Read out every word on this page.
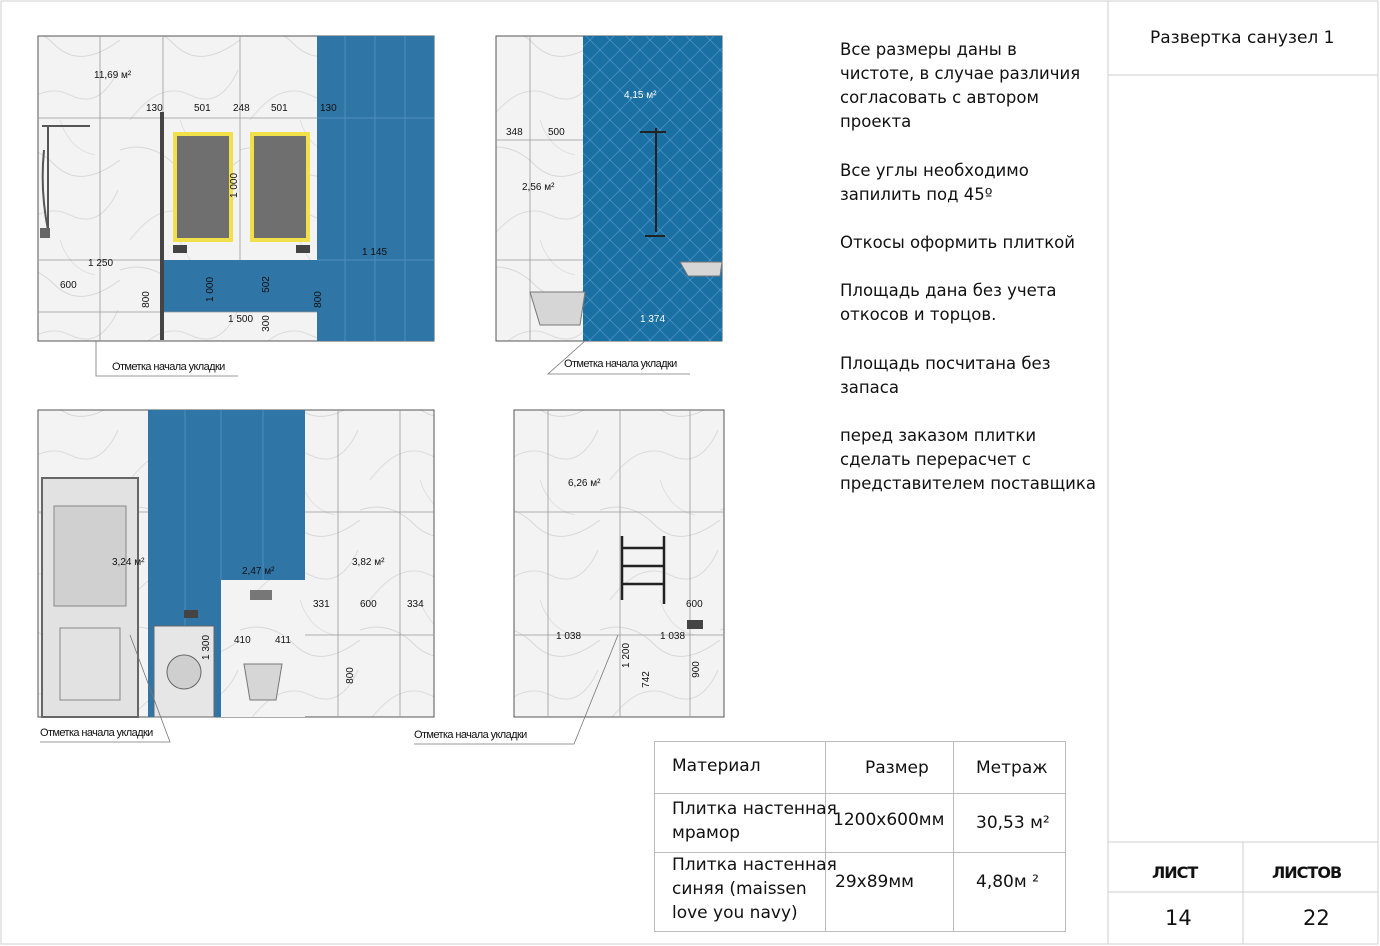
11,69 м²
130	501 248 501	130
1 000
1 250
1 145
600
800	1 000	502
800
1 500 300
Отметка начала укладки
4,15 м²
2,56 м²
348	500
1 374
Отметка начала укладки
3,24 м²
2,47 м²
3,82 м²
331	600	334
410 411
1 300
800
Отметка начала укладки
6,26 м²
600
1 038	1 038
1 200
742
900
Отметка начала укладки
Все размеры даны в
чистоте, в случае различия
согласовать с автором
проекта
Все углы необходимо
запилить под 45º
Откосы оформить плиткой
Площадь дана без учета
откосов и торцов.
Площадь посчитана без
запаса
перед заказом плитки
сделать перерасчет с
представителем поставщика
Развертка санузел 1
ЛИСТ	ЛИСТОВ
14	22
Материал	Размер	Метраж
Плитка настенная
мрамор
1200х600мм 30,53 м²
Плитка настенная
синяя (maissen
love you navy)
29х89мм	4,80м ²
